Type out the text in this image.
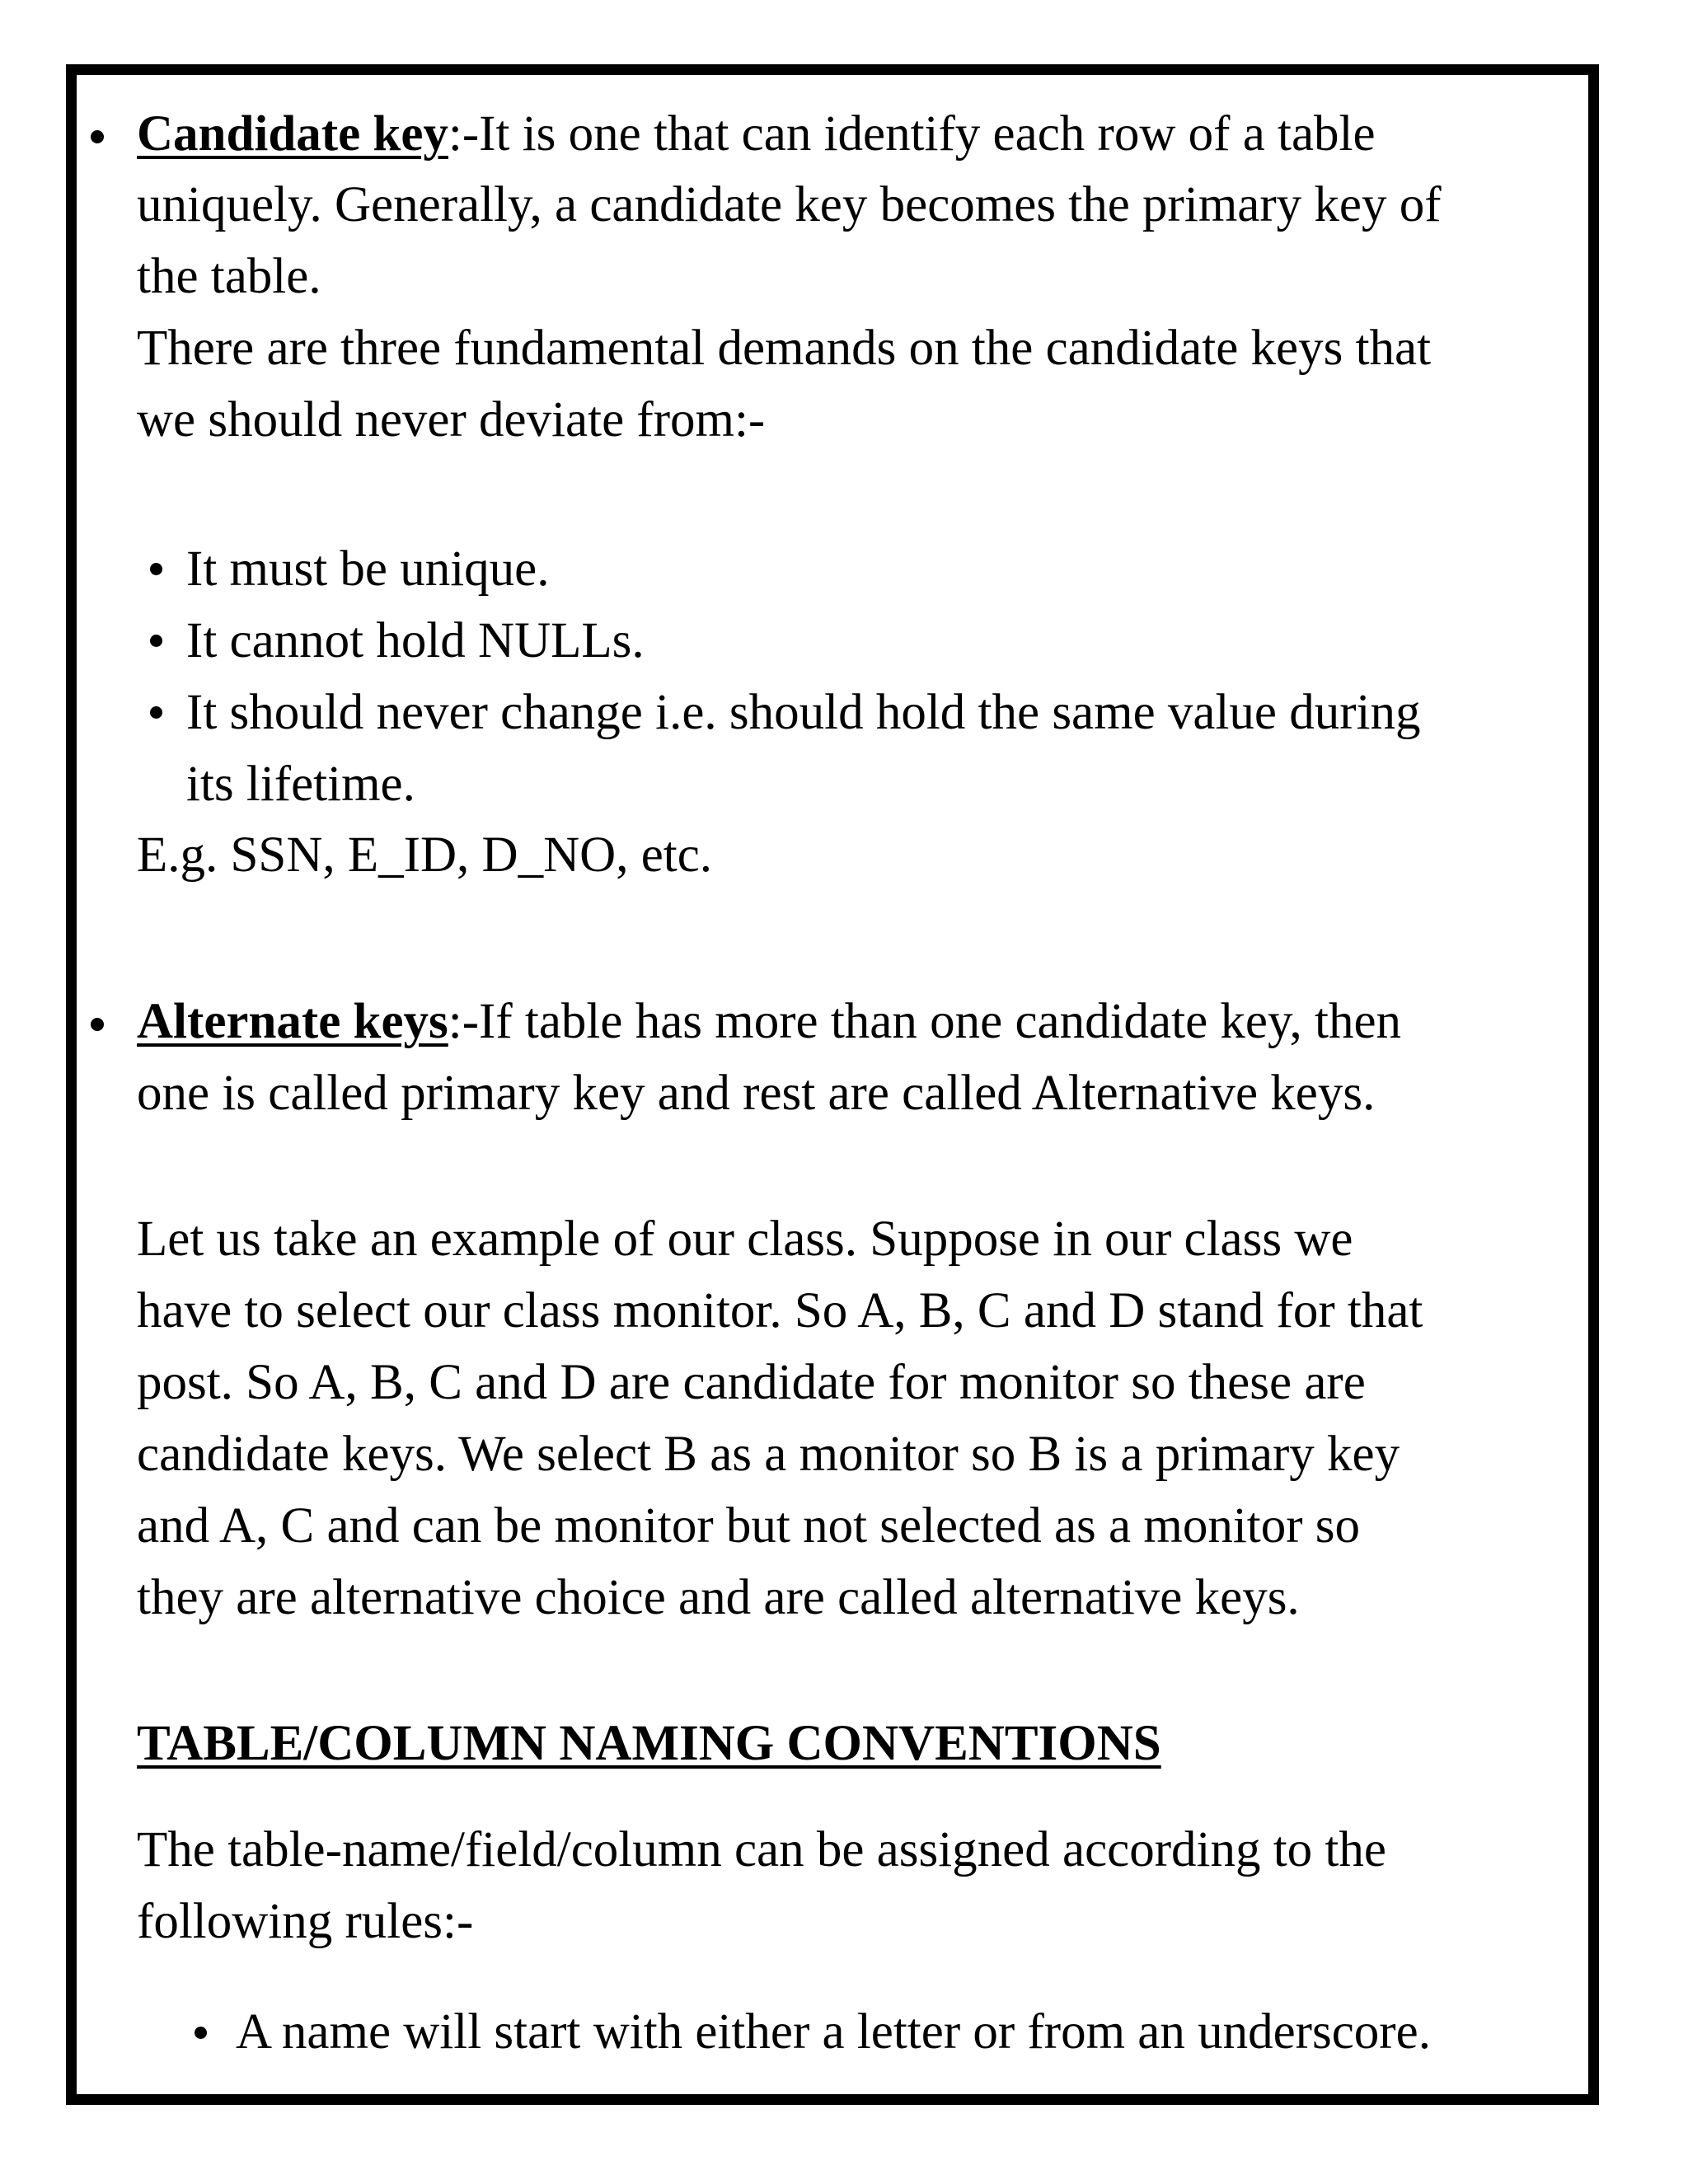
Candidate key:-It is one that can identify each row of a table
uniquely. Generally, a candidate key becomes the primary key of
the table.
There are three fundamental demands on the candidate keys that
we should never deviate from:-
It must be unique.
It cannot hold NULLs.
It should never change i.e. should hold the same value during
its lifetime.
E.g. SSN, E_ID, D_NO, etc.
Alternate keys:-If table has more than one candidate key, then
one is called primary key and rest are called Alternative keys.
Let us take an example of our class. Suppose in our class we
have to select our class monitor. So A, B, C and D stand for that
post. So A, B, C and D are candidate for monitor so these are
candidate keys. We select B as a monitor so B is a primary key
and A, C and can be monitor but not selected as a monitor so
they are alternative choice and are called alternative keys.
TABLE/COLUMN NAMING CONVENTIONS
The table-name/field/column can be assigned according to the
following rules:-
A name will start with either a letter or from an underscore.
